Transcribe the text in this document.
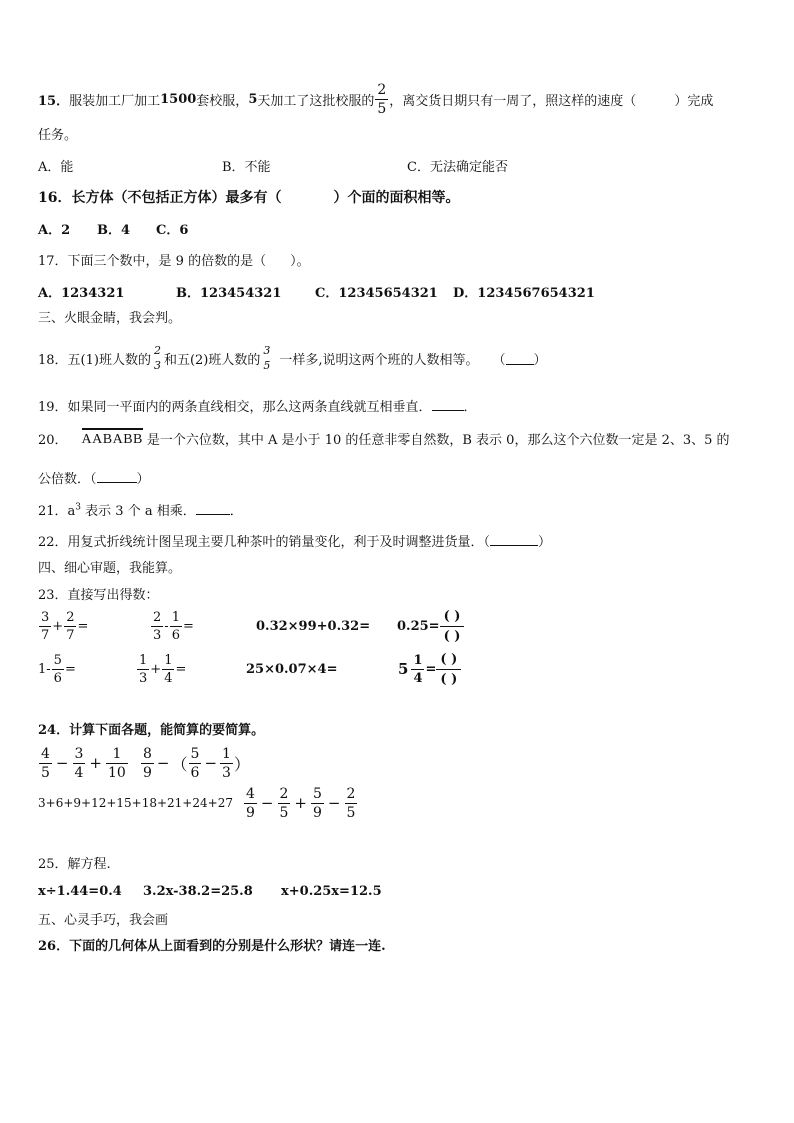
15． 服装加工厂加工 1500 套校服， 5 天加工了这批校服的 $\frac{2}{5}$ ，离交货日期只有一周了，照这样的速度（	）完成
任务。
A．能	B．不能	C．无法确定能否
16．长方体（不包括正方体）最多有（	）个面的面积相等。
A．2 B．4 C．6
17．下面三个数中，是 9 的倍数的是（ ）。
A．1234321	B．123454321	C．12345654321 D．1234567654321
三、火眼金睛，我会判。
18． 五(1)班人数的
2
3 和五(2)班人数的
3
5 一样多,说明这两个班的人数相等。 （ ）
19．如果同一平面内的两条直线相交，那么这两条直线就互相垂直． ．
20． AABABB 是一个六位数，其中 A 是小于 10 的任意非零自然数，B 表示 0，那么这个六位数一定是 2、3、5 的
公倍数．（	）
21．$a^3$ 表示 3 个 a 相乘．	．
22．用复式折线统计图呈现主要几种茶叶的销量变化，利于及时调整进货量．（	）
四、细心审题，我能算。
23．直接写出得数：
$\frac{3}{7} + \frac{2}{7}$ =	$\frac{2}{3} - \frac{1}{6}$ =	0.32×99+0.32= 0.25=
( )
( )
$1- \frac{5}{6}$ =	$\frac{1}{3} + \frac{1}{4}$ =	25×0.07×4=	$5 \frac{1}{4}$ =
( )
( )
24．计算下面各题，能简算的要简算。
$\frac{4}{5} - \frac{3}{4} + \frac{1}{10} \frac{8}{9}$ − （ $\frac{5}{6} - \frac{1}{3}$ ）
$3+6+9+12+15+18+21+24+27 \frac{4}{9} - \frac{2}{5} + \frac{5}{9} - \frac{2}{5}$
25．解方程.
x÷1.44=0.4 3.2x-38.2=25.8 x+0.25x=12.5
五、心灵手巧，我会画
26．下面的几何体从上面看到的分别是什么形状？请连一连.
